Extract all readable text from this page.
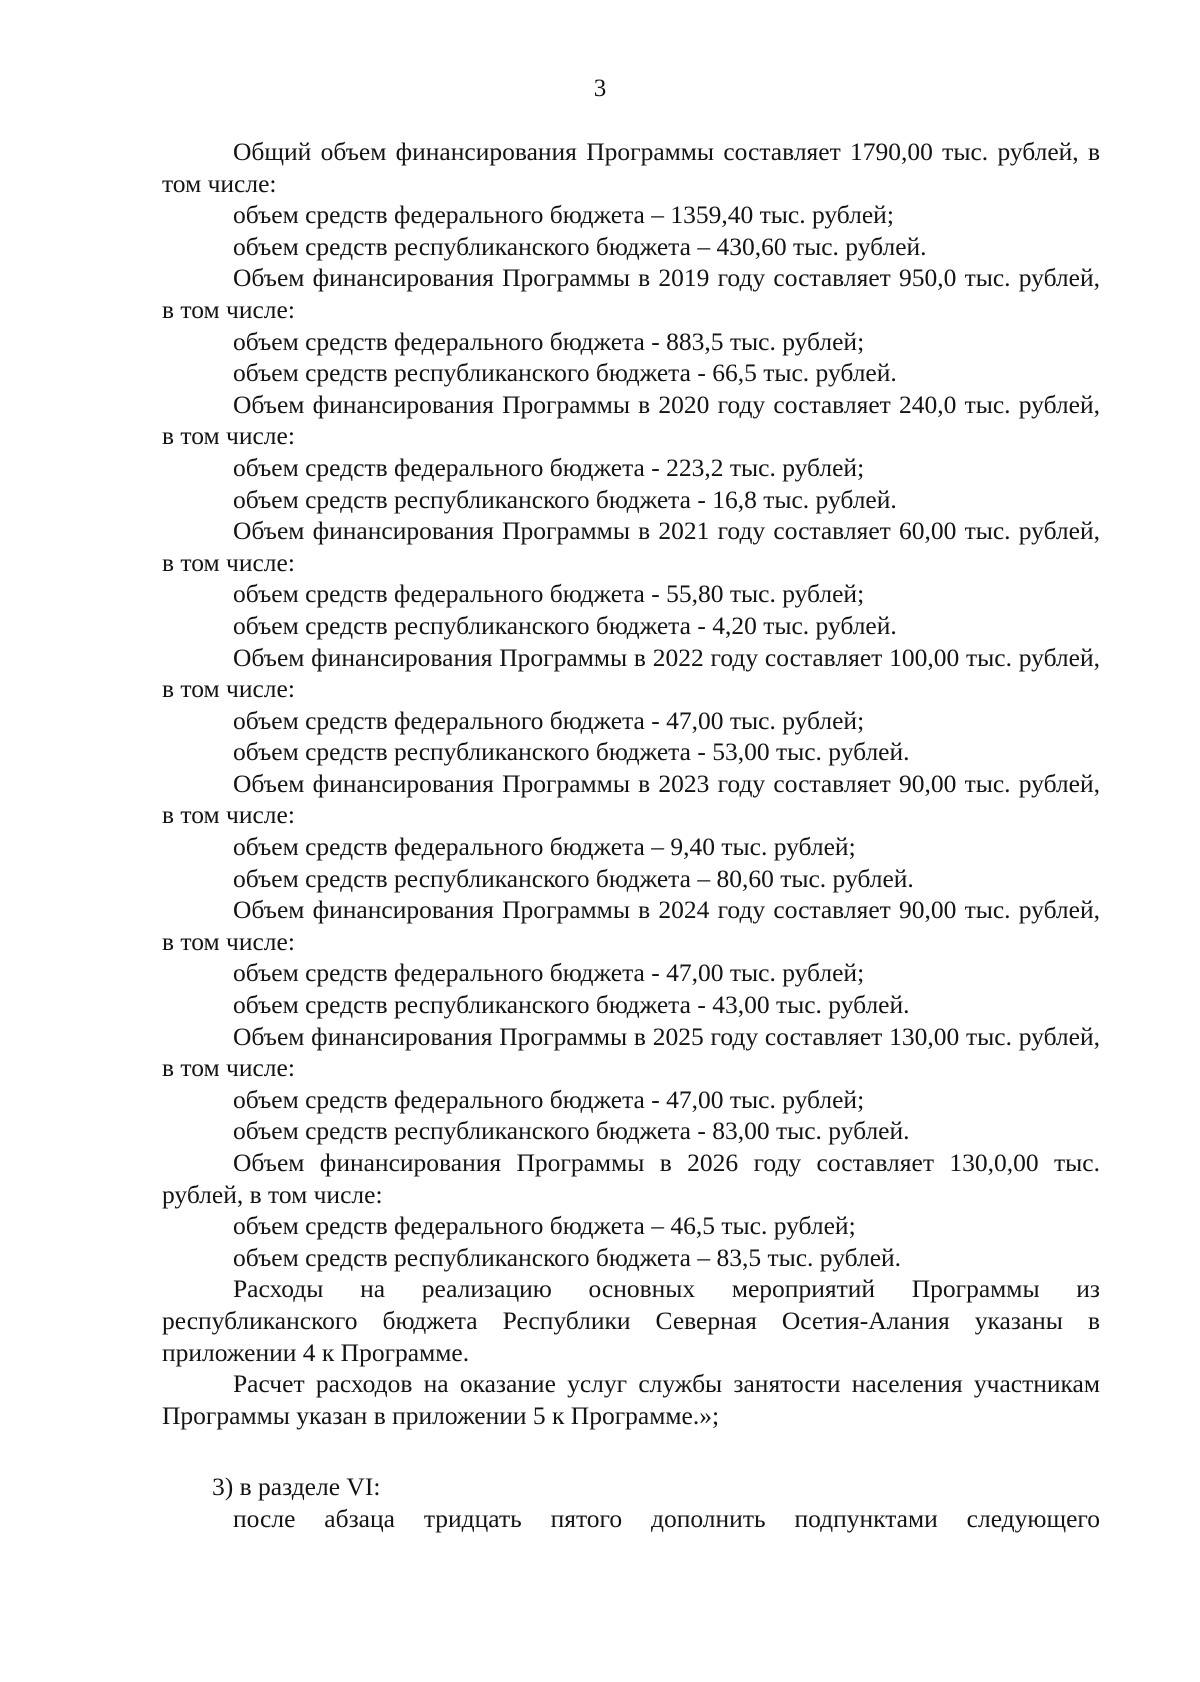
3

Общий объем финансирования Программы составляет 1790,00 тыс. рублей, в том числе:

объем средств федерального бюджета – 1359,40 тыс. рублей;

объем средств республиканского бюджета – 430,60 тыс. рублей.

Объем финансирования Программы в 2019 году составляет 950,0 тыс. рублей, в том числе:

объем средств федерального бюджета - 883,5 тыс. рублей;

объем средств республиканского бюджета - 66,5 тыс. рублей.

Объем финансирования Программы в 2020 году составляет 240,0 тыс. рублей, в том числе:

объем средств федерального бюджета - 223,2 тыс. рублей;

объем средств республиканского бюджета - 16,8 тыс. рублей.

Объем финансирования Программы в 2021 году составляет 60,00 тыс. рублей, в том числе:

объем средств федерального бюджета - 55,80 тыс. рублей;

объем средств республиканского бюджета - 4,20 тыс. рублей.

Объем финансирования Программы в 2022 году составляет 100,00 тыс. рублей, в том числе:

объем средств федерального бюджета - 47,00 тыс. рублей;

объем средств республиканского бюджета - 53,00 тыс. рублей.

Объем финансирования Программы в 2023 году составляет 90,00 тыс. рублей, в том числе:

объем средств федерального бюджета – 9,40 тыс. рублей;

объем средств республиканского бюджета – 80,60 тыс. рублей.

Объем финансирования Программы в 2024 году составляет 90,00 тыс. рублей, в том числе:

объем средств федерального бюджета - 47,00 тыс. рублей;

объем средств республиканского бюджета - 43,00 тыс. рублей.

Объем финансирования Программы в 2025 году составляет 130,00 тыс. рублей, в том числе:

объем средств федерального бюджета - 47,00 тыс. рублей;

объем средств республиканского бюджета - 83,00 тыс. рублей.

Объем финансирования Программы в 2026 году составляет 130,0,00 тыс. рублей, в том числе:

объем средств федерального бюджета – 46,5 тыс. рублей;

объем средств республиканского бюджета – 83,5 тыс. рублей.

Расходы на реализацию основных мероприятий Программы из республиканского бюджета Республики Северная Осетия-Алания указаны в приложении 4 к Программе.

Расчет расходов на оказание услуг службы занятости населения участникам Программы указан в приложении 5 к Программе.»;

3) в разделе VI:

после абзаца тридцать пятого дополнить подпунктами следующего
